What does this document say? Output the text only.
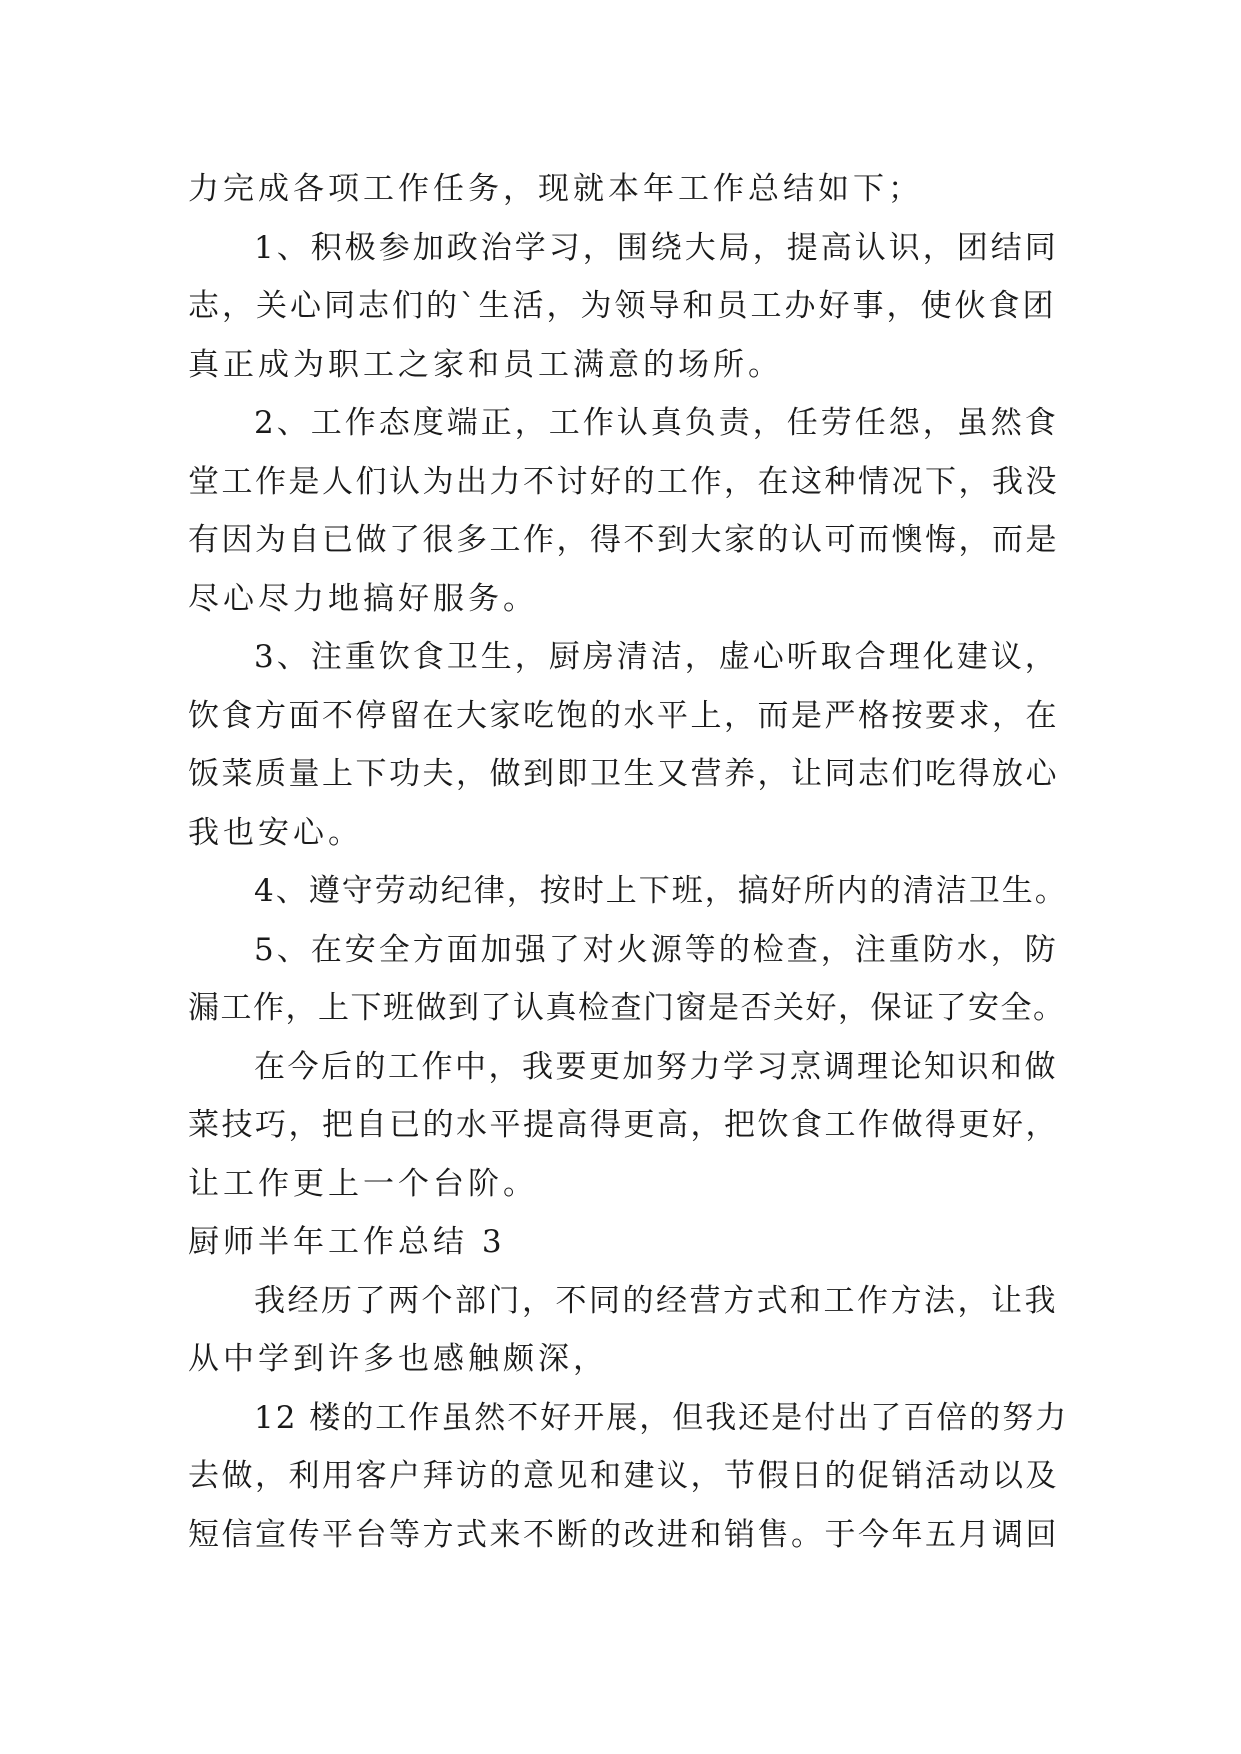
力完成各项工作任务，现就本年工作总结如下；
1、积极参加政治学习，围绕大局，提高认识，团结同
志，关心同志们的`生活，为领导和员工办好事，使伙食团
真正成为职工之家和员工满意的场所。
2、工作态度端正，工作认真负责，任劳任怨，虽然食
堂工作是人们认为出力不讨好的工作，在这种情况下，我没
有因为自已做了很多工作，得不到大家的认可而懊悔，而是
尽心尽力地搞好服务。
3、注重饮食卫生，厨房清洁，虚心听取合理化建议，
饮食方面不停留在大家吃饱的水平上，而是严格按要求，在
饭菜质量上下功夫，做到即卫生又营养，让同志们吃得放心
我也安心。
4、遵守劳动纪律，按时上下班，搞好所内的清洁卫生。
5、在安全方面加强了对火源等的检查，注重防水，防
漏工作，上下班做到了认真检查门窗是否关好，保证了安全。
在今后的工作中，我要更加努力学习烹调理论知识和做
菜技巧，把自已的水平提高得更高，把饮食工作做得更好，
让工作更上一个台阶。
厨师半年工作总结 3
我经历了两个部门，不同的经营方式和工作方法，让我
从中学到许多也感触颇深，
12 楼的工作虽然不好开展，但我还是付出了百倍的努力
去做，利用客户拜访的意见和建议，节假日的促销活动以及
短信宣传平台等方式来不断的改进和销售。于今年五月调回
